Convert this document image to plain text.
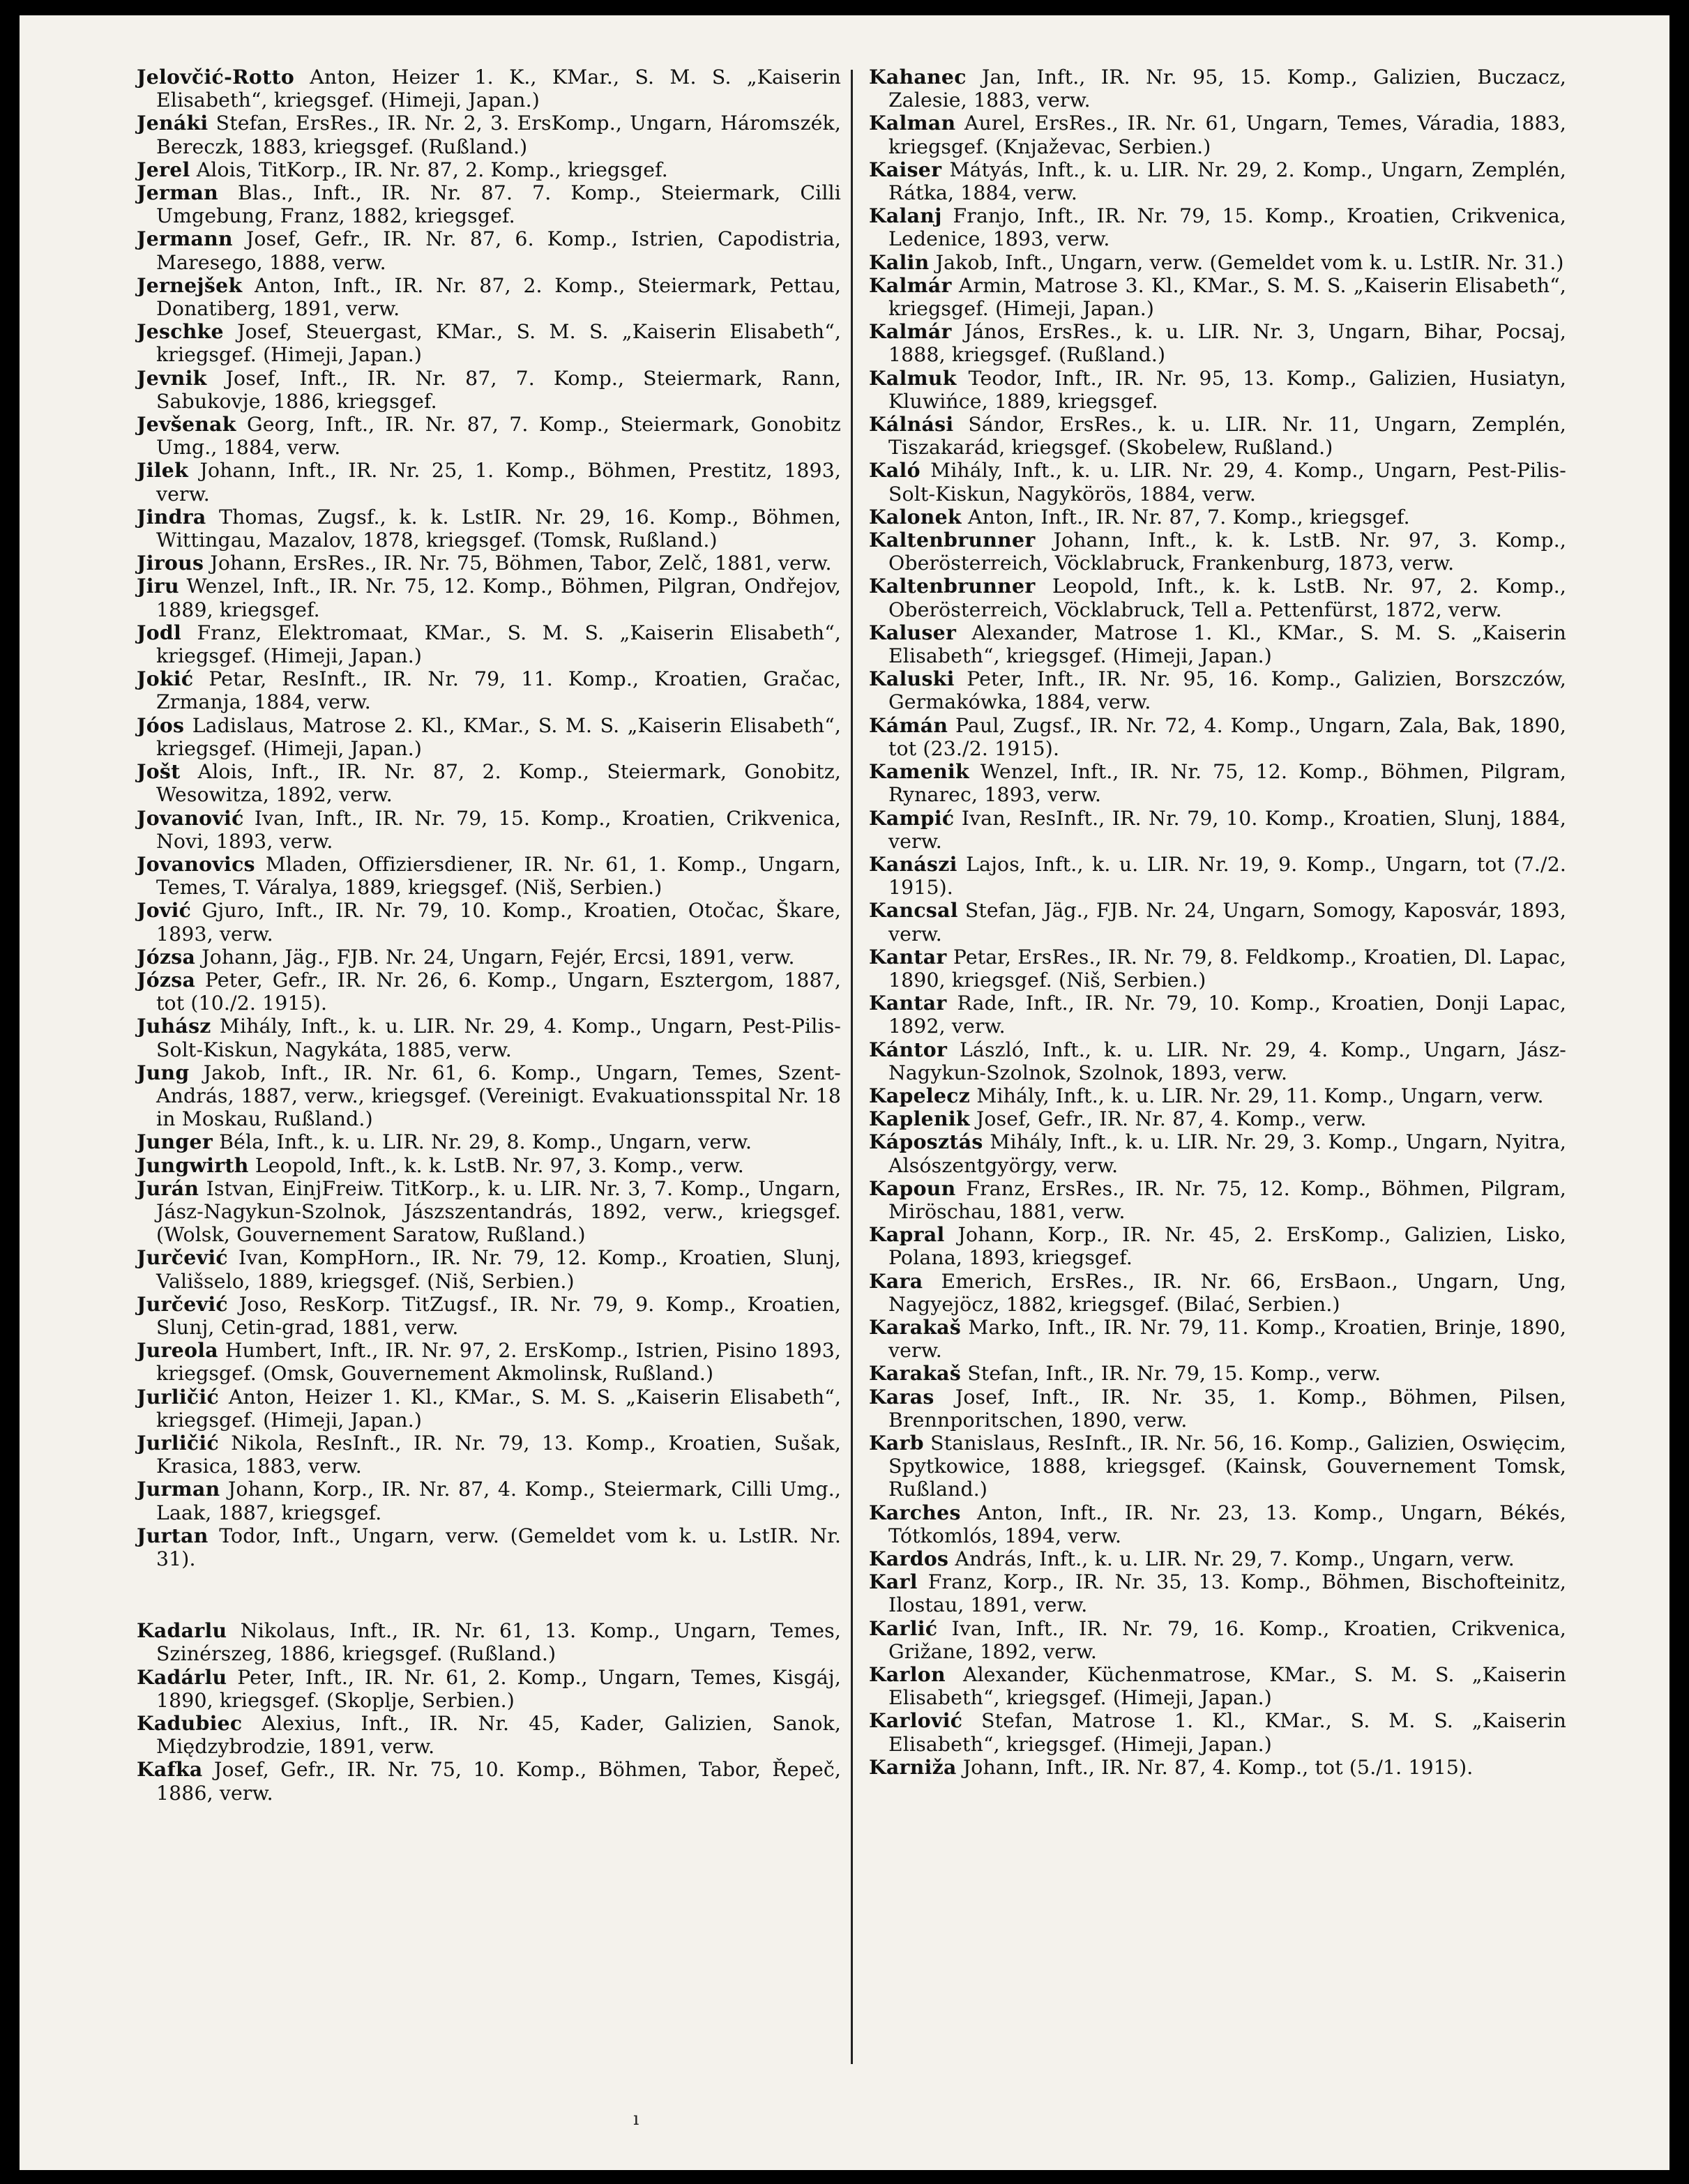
Jelovčić-Rotto Anton, Heizer 1. K., KMar., S. M. S. „Kaiserin Elisabeth“, kriegsgef. (Himeji, Japan.)

Jenáki Stefan, ErsRes., IR. Nr. 2, 3. ErsKomp., Ungarn, Háromszék, Bereczk, 1883, kriegsgef. (Rußland.)

Jerel Alois, TitKorp., IR. Nr. 87, 2. Komp., kriegsgef.

Jerman Blas., Inft., IR. Nr. 87. 7. Komp., Steiermark, Cilli Umgebung, Franz, 1882, kriegsgef.

Jermann Josef, Gefr., IR. Nr. 87, 6. Komp., Istrien, Capodistria, Maresego, 1888, verw.

Jernejšek Anton, Inft., IR. Nr. 87, 2. Komp., Steiermark, Pettau, Donatiberg, 1891, verw.

Jeschke Josef, Steuergast, KMar., S. M. S. „Kaiserin Elisabeth“, kriegsgef. (Himeji, Japan.)

Jevnik Josef, Inft., IR. Nr. 87, 7. Komp., Steiermark, Rann, Sabukovje, 1886, kriegsgef.

Jevšenak Georg, Inft., IR. Nr. 87, 7. Komp., Steiermark, Gonobitz Umg., 1884, verw.

Jilek Johann, Inft., IR. Nr. 25, 1. Komp., Böhmen, Prestitz, 1893, verw.

Jindra Thomas, Zugsf., k. k. LstIR. Nr. 29, 16. Komp., Böhmen, Wittingau, Mazalov, 1878, kriegsgef. (Tomsk, Rußland.)

Jirous Johann, ErsRes., IR. Nr. 75, Böhmen, Tabor, Zelč, 1881, verw.

Jiru Wenzel, Inft., IR. Nr. 75, 12. Komp., Böhmen, Pilgran, Ondřejov, 1889, kriegsgef.

Jodl Franz, Elektromaat, KMar., S. M. S. „Kaiserin Elisabeth“, kriegsgef. (Himeji, Japan.)

Jokić Petar, ResInft., IR. Nr. 79, 11. Komp., Kroatien, Gračac, Zrmanja, 1884, verw.

Jóos Ladislaus, Matrose 2. Kl., KMar., S. M. S. „Kaiserin Elisabeth“, kriegsgef. (Himeji, Japan.)

Jošt Alois, Inft., IR. Nr. 87, 2. Komp., Steiermark, Gonobitz, Wesowitza, 1892, verw.

Jovanović Ivan, Inft., IR. Nr. 79, 15. Komp., Kroatien, Crikvenica, Novi, 1893, verw.

Jovanovics Mladen, Offiziersdiener, IR. Nr. 61, 1. Komp., Ungarn, Temes, T. Váralya, 1889, kriegsgef. (Niš, Serbien.)

Jović Gjuro, Inft., IR. Nr. 79, 10. Komp., Kroatien, Otočac, Škare, 1893, verw.

Józsa Johann, Jäg., FJB. Nr. 24, Ungarn, Fejér, Ercsi, 1891, verw.

Józsa Peter, Gefr., IR. Nr. 26, 6. Komp., Ungarn, Esztergom, 1887, tot (10./2. 1915).

Juhász Mihály, Inft., k. u. LIR. Nr. 29, 4. Komp., Ungarn, Pest-Pilis-Solt-Kiskun, Nagykáta, 1885, verw.

Jung Jakob, Inft., IR. Nr. 61, 6. Komp., Ungarn, Temes, Szent-András, 1887, verw., kriegsgef. (Vereinigt. Evakuationsspital Nr. 18 in Moskau, Rußland.)

Junger Béla, Inft., k. u. LIR. Nr. 29, 8. Komp., Ungarn, verw.

Jungwirth Leopold, Inft., k. k. LstB. Nr. 97, 3. Komp., verw.

Jurán Istvan, EinjFreiw. TitKorp., k. u. LIR. Nr. 3, 7. Komp., Ungarn, Jász-Nagykun-Szolnok, Jászszentandrás, 1892, verw., kriegsgef. (Wolsk, Gouvernement Saratow, Rußland.)

Jurčević Ivan, KompHorn., IR. Nr. 79, 12. Komp., Kroatien, Slunj, Vališselo, 1889, kriegsgef. (Niš, Serbien.)

Jurčević Joso, ResKorp. TitZugsf., IR. Nr. 79, 9. Komp., Kroatien, Slunj, Cetin-grad, 1881, verw.

Jureola Humbert, Inft., IR. Nr. 97, 2. ErsKomp., Istrien, Pisino 1893, kriegsgef. (Omsk, Gouvernement Akmolinsk, Rußland.)

Jurličić Anton, Heizer 1. Kl., KMar., S. M. S. „Kaiserin Elisabeth“, kriegsgef. (Himeji, Japan.)

Jurličić Nikola, ResInft., IR. Nr. 79, 13. Komp., Kroatien, Sušak, Krasica, 1883, verw.

Jurman Johann, Korp., IR. Nr. 87, 4. Komp., Steiermark, Cilli Umg., Laak, 1887, kriegsgef.

Jurtan Todor, Inft., Ungarn, verw. (Gemeldet vom k. u. LstIR. Nr. 31).

Kadarlu Nikolaus, Inft., IR. Nr. 61, 13. Komp., Ungarn, Temes, Szinérszeg, 1886, kriegsgef. (Rußland.)

Kadárlu Peter, Inft., IR. Nr. 61, 2. Komp., Ungarn, Temes, Kisgáj, 1890, kriegsgef. (Skoplje, Serbien.)

Kadubiec Alexius, Inft., IR. Nr. 45, Kader, Galizien, Sanok, Międzybrodzie, 1891, verw.

Kafka Josef, Gefr., IR. Nr. 75, 10. Komp., Böhmen, Tabor, Řepeč, 1886, verw.

Kahanec Jan, Inft., IR. Nr. 95, 15. Komp., Galizien, Buczacz, Zalesie, 1883, verw.

Kalman Aurel, ErsRes., IR. Nr. 61, Ungarn, Temes, Váradia, 1883, kriegsgef. (Knjaževac, Serbien.)

Kaiser Mátyás, Inft., k. u. LIR. Nr. 29, 2. Komp., Ungarn, Zemplén, Rátka, 1884, verw.

Kalanj Franjo, Inft., IR. Nr. 79, 15. Komp., Kroatien, Crikvenica, Ledenice, 1893, verw.

Kalin Jakob, Inft., Ungarn, verw. (Gemeldet vom k. u. LstIR. Nr. 31.)

Kalmár Armin, Matrose 3. Kl., KMar., S. M. S. „Kaiserin Elisabeth“, kriegsgef. (Himeji, Japan.)

Kalmár János, ErsRes., k. u. LIR. Nr. 3, Ungarn, Bihar, Pocsaj, 1888, kriegsgef. (Rußland.)

Kalmuk Teodor, Inft., IR. Nr. 95, 13. Komp., Galizien, Husiatyn, Kluwińce, 1889, kriegsgef.

Kálnási Sándor, ErsRes., k. u. LIR. Nr. 11, Ungarn, Zemplén, Tiszakarád, kriegsgef. (Skobelew, Rußland.)

Kaló Mihály, Inft., k. u. LIR. Nr. 29, 4. Komp., Ungarn, Pest-Pilis-Solt-Kiskun, Nagykörös, 1884, verw.

Kalonek Anton, Inft., IR. Nr. 87, 7. Komp., kriegsgef.

Kaltenbrunner Johann, Inft., k. k. LstB. Nr. 97, 3. Komp., Oberösterreich, Vöcklabruck, Frankenburg, 1873, verw.

Kaltenbrunner Leopold, Inft., k. k. LstB. Nr. 97, 2. Komp., Oberösterreich, Vöcklabruck, Tell a. Pettenfürst, 1872, verw.

Kaluser Alexander, Matrose 1. Kl., KMar., S. M. S. „Kaiserin Elisabeth“, kriegsgef. (Himeji, Japan.)

Kaluski Peter, Inft., IR. Nr. 95, 16. Komp., Galizien, Borszczów, Germakówka, 1884, verw.

Kámán Paul, Zugsf., IR. Nr. 72, 4. Komp., Ungarn, Zala, Bak, 1890, tot (23./2. 1915).

Kamenik Wenzel, Inft., IR. Nr. 75, 12. Komp., Böhmen, Pilgram, Rynarec, 1893, verw.

Kampić Ivan, ResInft., IR. Nr. 79, 10. Komp., Kroatien, Slunj, 1884, verw.

Kanászi Lajos, Inft., k. u. LIR. Nr. 19, 9. Komp., Ungarn, tot (7./2. 1915).

Kancsal Stefan, Jäg., FJB. Nr. 24, Ungarn, Somogy, Kaposvár, 1893, verw.

Kantar Petar, ErsRes., IR. Nr. 79, 8. Feldkomp., Kroatien, Dl. Lapac, 1890, kriegsgef. (Niš, Serbien.)

Kantar Rade, Inft., IR. Nr. 79, 10. Komp., Kroatien, Donji Lapac, 1892, verw.

Kántor László, Inft., k. u. LIR. Nr. 29, 4. Komp., Ungarn, Jász-Nagykun-Szolnok, Szolnok, 1893, verw.

Kapelecz Mihály, Inft., k. u. LIR. Nr. 29, 11. Komp., Ungarn, verw.

Kaplenik Josef, Gefr., IR. Nr. 87, 4. Komp., verw.

Káposztás Mihály, Inft., k. u. LIR. Nr. 29, 3. Komp., Ungarn, Nyitra, Alsószentgyörgy, verw.

Kapoun Franz, ErsRes., IR. Nr. 75, 12. Komp., Böhmen, Pilgram, Miröschau, 1881, verw.

Kapral Johann, Korp., IR. Nr. 45, 2. ErsKomp., Galizien, Lisko, Polana, 1893, kriegsgef.

Kara Emerich, ErsRes., IR. Nr. 66, ErsBaon., Ungarn, Ung, Nagyejöcz, 1882, kriegsgef. (Bilać, Serbien.)

Karakaš Marko, Inft., IR. Nr. 79, 11. Komp., Kroatien, Brinje, 1890, verw.

Karakaš Stefan, Inft., IR. Nr. 79, 15. Komp., verw.

Karas Josef, Inft., IR. Nr. 35, 1. Komp., Böhmen, Pilsen, Brennporitschen, 1890, verw.

Karb Stanislaus, ResInft., IR. Nr. 56, 16. Komp., Galizien, Oswięcim, Spytkowice, 1888, kriegsgef. (Kainsk, Gouvernement Tomsk, Rußland.)

Karches Anton, Inft., IR. Nr. 23, 13. Komp., Ungarn, Békés, Tótkomlós, 1894, verw.

Kardos András, Inft., k. u. LIR. Nr. 29, 7. Komp., Ungarn, verw.

Karl Franz, Korp., IR. Nr. 35, 13. Komp., Böhmen, Bischofteinitz, Ilostau, 1891, verw.

Karlić Ivan, Inft., IR. Nr. 79, 16. Komp., Kroatien, Crikvenica, Grižane, 1892, verw.

Karlon Alexander, Küchenmatrose, KMar., S. M. S. „Kaiserin Elisabeth“, kriegsgef. (Himeji, Japan.)

Karlović Stefan, Matrose 1. Kl., KMar., S. M. S. „Kaiserin Elisabeth“, kriegsgef. (Himeji, Japan.)

Karniža Johann, Inft., IR. Nr. 87, 4. Komp., tot (5./1. 1915).

ı
